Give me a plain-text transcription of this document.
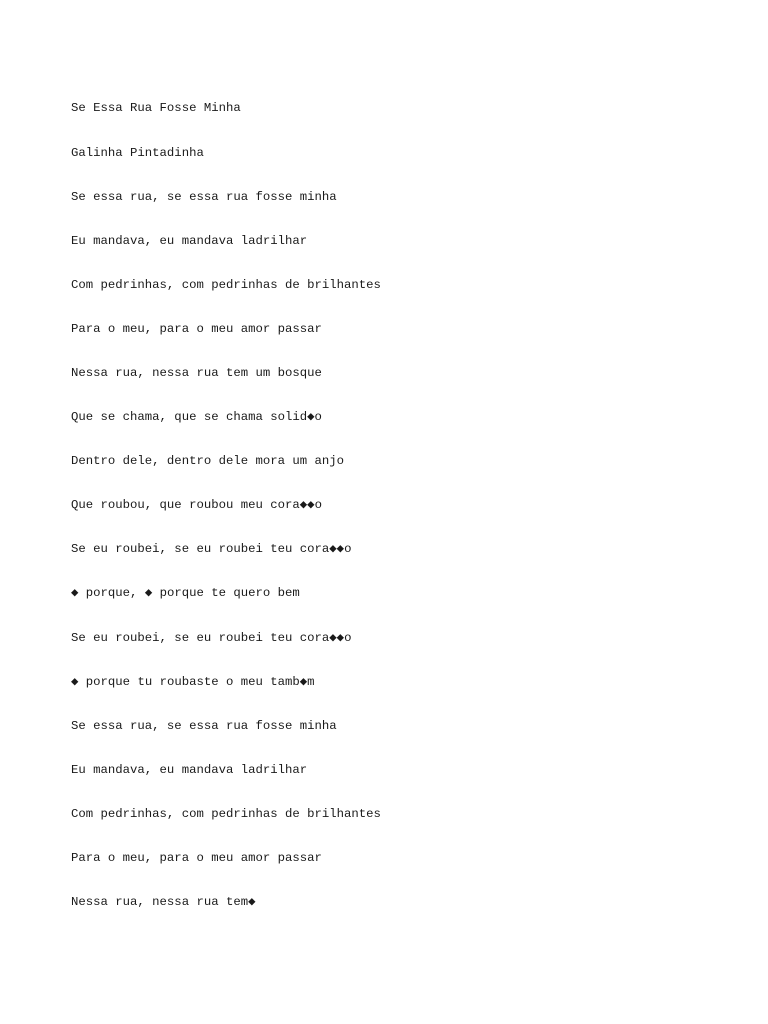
Se Essa Rua Fosse Minha

Galinha Pintadinha

Se essa rua, se essa rua fosse minha

Eu mandava, eu mandava ladrilhar

Com pedrinhas, com pedrinhas de brilhantes

Para o meu, para o meu amor passar

Nessa rua, nessa rua tem um bosque

Que se chama, que se chama solid◆o

Dentro dele, dentro dele mora um anjo

Que roubou, que roubou meu cora◆◆o

Se eu roubei, se eu roubei teu cora◆◆o

◆ porque, ◆ porque te quero bem

Se eu roubei, se eu roubei teu cora◆◆o

◆ porque tu roubaste o meu tamb◆m

Se essa rua, se essa rua fosse minha

Eu mandava, eu mandava ladrilhar

Com pedrinhas, com pedrinhas de brilhantes

Para o meu, para o meu amor passar

Nessa rua, nessa rua tem◆
